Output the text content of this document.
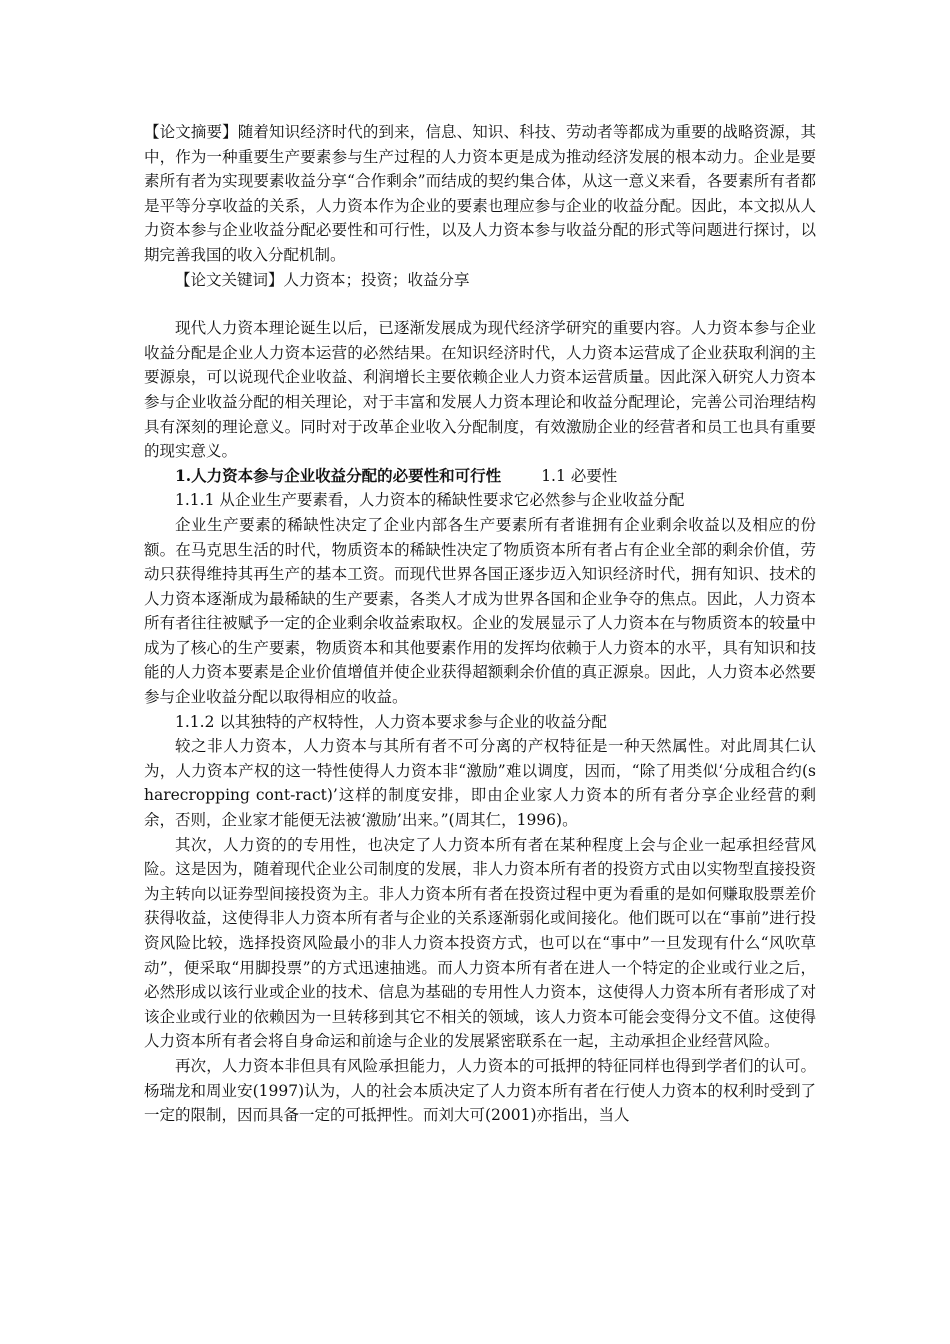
【论文摘要】随着知识经济时代的到来，信息、知识、科技、劳动者等都成为重要的战略资源，其中，作为一种重要生产要素参与生产过程的人力资本更是成为推动经济发展的根本动力。企业是要素所有者为实现要素收益分享“合作剩余”而结成的契约集合体，从这一意义来看，各要素所有者都是平等分享收益的关系，人力资本作为企业的要素也理应参与企业的收益分配。因此，本文拟从人力资本参与企业收益分配必要性和可行性，以及人力资本参与收益分配的形式等问题进行探讨，以期完善我国的收入分配机制。

【论文关键词】人力资本；投资；收益分享

现代人力资本理论诞生以后，已逐渐发展成为现代经济学研究的重要内容。人力资本参与企业收益分配是企业人力资本运营的必然结果。在知识经济时代，人力资本运营成了企业获取利润的主要源泉，可以说现代企业收益、利润增长主要依赖企业人力资本运营质量。因此深入研究人力资本参与企业收益分配的相关理论，对于丰富和发展人力资本理论和收益分配理论，完善公司治理结构具有深刻的理论意义。同时对于改革企业收入分配制度，有效激励企业的经营者和员工也具有重要的现实意义。

1.人力资本参与企业收益分配的必要性和可行性	1.1 必要性

1.1.1 从企业生产要素看，人力资本的稀缺性要求它必然参与企业收益分配

企业生产要素的稀缺性决定了企业内部各生产要素所有者谁拥有企业剩余收益以及相应的份额。在马克思生活的时代，物质资本的稀缺性决定了物质资本所有者占有企业全部的剩余价值，劳动只获得维持其再生产的基本工资。而现代世界各国正逐步迈入知识经济时代，拥有知识、技术的人力资本逐渐成为最稀缺的生产要素，各类人才成为世界各国和企业争夺的焦点。因此，人力资本所有者往往被赋予一定的企业剩余收益索取权。企业的发展显示了人力资本在与物质资本的较量中成为了核心的生产要素，物质资本和其他要素作用的发挥均依赖于人力资本的水平，具有知识和技能的人力资本要素是企业价值增值并使企业获得超额剩余价值的真正源泉。因此，人力资本必然要参与企业收益分配以取得相应的收益。

1.1.2 以其独特的产权特性，人力资本要求参与企业的收益分配

较之非人力资本，人力资本与其所有者不可分离的产权特征是一种天然属性。对此周其仁认为，人力资本产权的这一特性使得人力资本非“激励”难以调度，因而，“除了用类似‘分成租合约(sharecropping cont-ract)’这样的制度安排，即由企业家人力资本的所有者分享企业经营的剩余，否则，企业家才能便无法被‘激励’出来。”(周其仁，1996)。

其次，人力资的的专用性，也决定了人力资本所有者在某种程度上会与企业一起承担经营风险。这是因为，随着现代企业公司制度的发展，非人力资本所有者的投资方式由以实物型直接投资为主转向以证券型间接投资为主。非人力资本所有者在投资过程中更为看重的是如何赚取股票差价获得收益，这使得非人力资本所有者与企业的关系逐渐弱化或间接化。他们既可以在“事前”进行投资风险比较，选择投资风险最小的非人力资本投资方式，也可以在“事中”一旦发现有什么“风吹草动”，便采取“用脚投票”的方式迅速抽逃。而人力资本所有者在进人一个特定的企业或行业之后，必然形成以该行业或企业的技术、信息为基础的专用性人力资本，这使得人力资本所有者形成了对该企业或行业的依赖因为一旦转移到其它不相关的领域，该人力资本可能会变得分文不值。这使得人力资本所有者会将自身命运和前途与企业的发展紧密联系在一起，主动承担企业经营风险。

再次，人力资本非但具有风险承担能力，人力资本的可抵押的特征同样也得到学者们的认可。杨瑞龙和周业安(1997)认为，人的社会本质决定了人力资本所有者在行使人力资本的权利时受到了一定的限制，因而具备一定的可抵押性。而刘大可(2001)亦指出，当人
